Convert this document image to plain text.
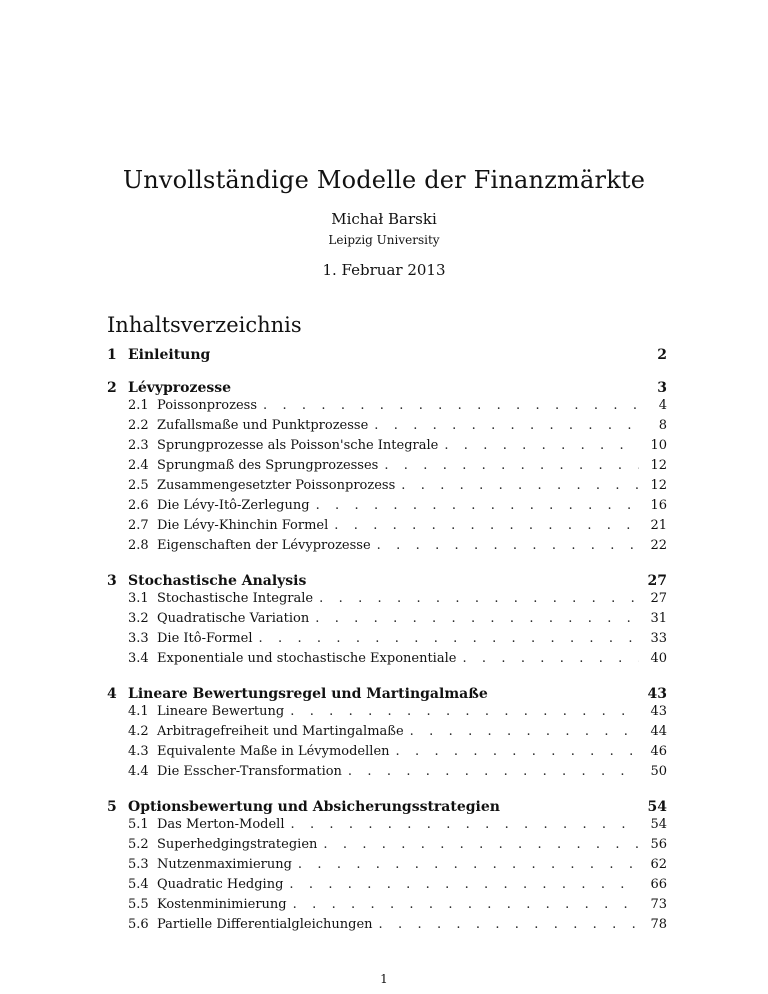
Unvollständige Modelle der Finanzmärkte
Michał Barski
Leipzig University
1. Februar 2013
Inhaltsverzeichnis
1 Einleitung	2
2 Lévyprozesse	3
2.1 Poissonprozess . . .	4
2.2 Zufallsmaße und Punktprozesse . . .	8
2.3 Sprungprozesse als Poisson'sche Integrale . . .	10
2.4 Sprungmaß des Sprungprozesses . . .	12
2.5 Zusammengesetzter Poissonprozess . . .	12
2.6 Die Lévy-Itô-Zerlegung . . .	16
2.7 Die Lévy-Khinchin Formel . . .	21
2.8 Eigenschaften der Lévyprozesse . . .	22
3 Stochastische Analysis	27
3.1 Stochastische Integrale . . .	27
3.2 Quadratische Variation . . .	31
3.3 Die Itô-Formel . . .	33
3.4 Exponentiale und stochastische Exponentiale . . .	40
4 Lineare Bewertungsregel und Martingalmaße	43
4.1 Lineare Bewertung . . .	43
4.2 Arbitragefreiheit und Martingalmaße . . .	44
4.3 Equivalente Maße in Lévymodellen . . .	46
4.4 Die Esscher-Transformation . . .	50
5 Optionsbewertung und Absicherungsstrategien	54
5.1 Das Merton-Modell . . .	54
5.2 Superhedgingstrategien . . .	56
5.3 Nutzenmaximierung . . .	62
5.4 Quadratic Hedging . . .	66
5.5 Kostenminimierung . . .	73
5.6 Partielle Differentialgleichungen . . .	78
1
